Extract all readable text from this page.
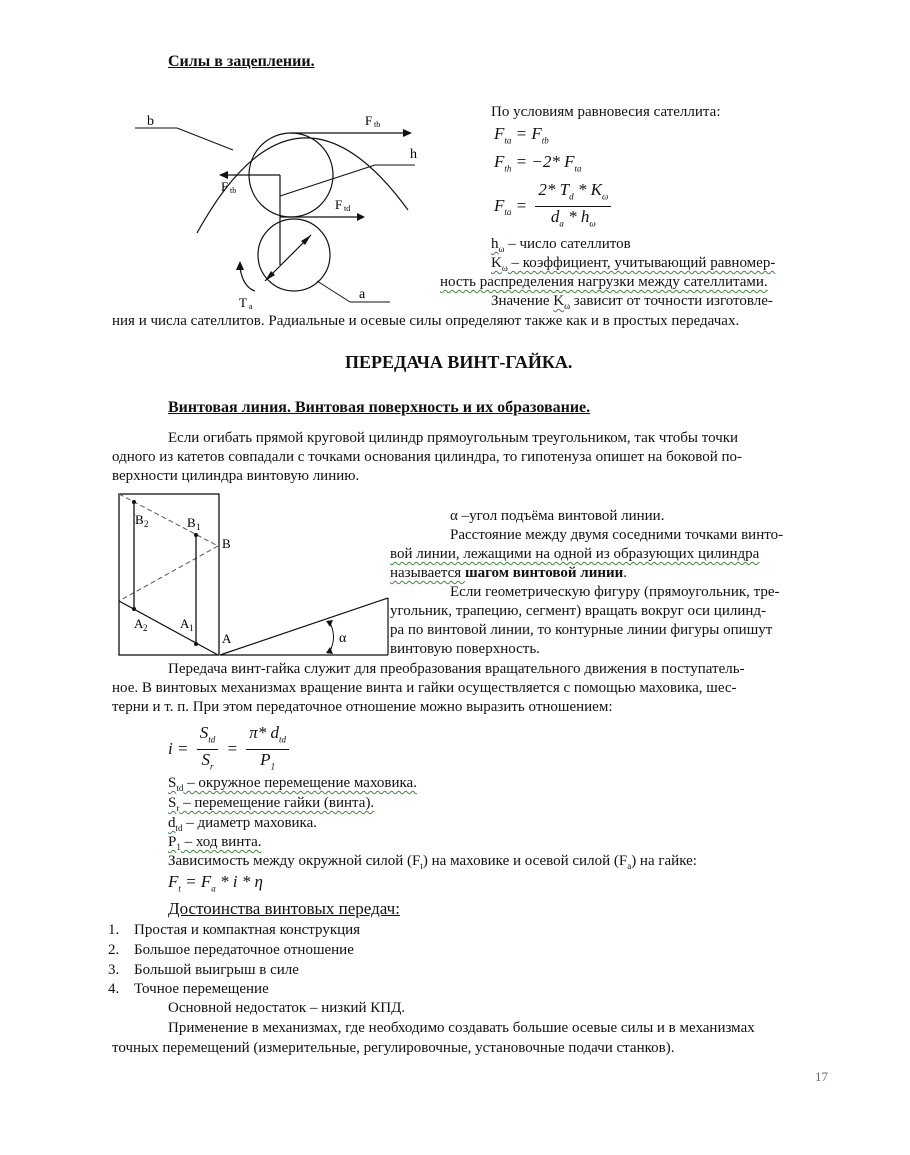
Силы в зацеплении.
b	F tb
h
F tb
F td
T a
a
По условиям равновесия сателлита:
$F_{ta} = F_{tb}$
$F_{th} = -2*$ $F_{ta}$
$F_{ta} = \frac{2* T_d * K_\omega}{d_a * h_\omega}$
$h_\omega$ – число сателлитов
$K_\omega$ – коэффициент, учитывающий равномер-
ность распределения нагрузки между сателлитами.
Значение $K_\omega$ зависит от точности изготовле-
ния и числа сателлитов. Радиальные и осевые силы определяют также как и в простых передачах.
ПЕРЕДАЧА ВИНТ-ГАЙКА.
Винтовая линия. Винтовая поверхность и их образование.
Если огибать прямой круговой цилиндр прямоугольным треугольником, так чтобы точки
одного из катетов совпадали с точками основания цилиндра, то гипотенуза опишет на боковой по-
верхности цилиндра винтовую линию.
B 2	B 1
B
A 2	A 1
A	α
α –угол подъёма винтовой линии.
Расстояние между двумя соседними точками винто-
вой линии, лежащими на одной из образующих цилиндра
называется шагом винтовой линии.
Если геометрическую фигуру (прямоугольник, тре-
угольник, трапецию, сегмент) вращать вокруг оси цилинд-
ра по винтовой линии, то контурные линии фигуры опишут
винтовую поверхность.
Передача винт-гайка служит для преобразования вращательного движения в поступатель-
ное. В винтовых механизмах вращение винта и гайки осуществляется с помощью маховика, шес-
терни и т. п. При этом передаточное отношение можно выразить отношением:
$i = \frac{S_{td}}{S_r} = \frac{\pi* d_{td}}{P_1}$
$S_{td}$ – окружное перемещение маховика.
$S_r$ – перемещение гайки (винта).
$d_{td}$ – диаметр маховика.
$P_1$ – ход винта.
Зависимость между окружной силой $(F_t)$ на маховике и осевой силой $(F_a)$ на гайке:
$F_t = F_a * i * \eta$
Достоинства винтовых передач:
1. Простая и компактная конструкция
2. Большое передаточное отношение
3. Большой выигрыш в силе
4. Точное перемещение
Основной недостаток – низкий КПД.
Применение в механизмах, где необходимо создавать большие осевые силы и в механизмах
точных перемещений (измерительные, регулировочные, установочные подачи станков).
17
